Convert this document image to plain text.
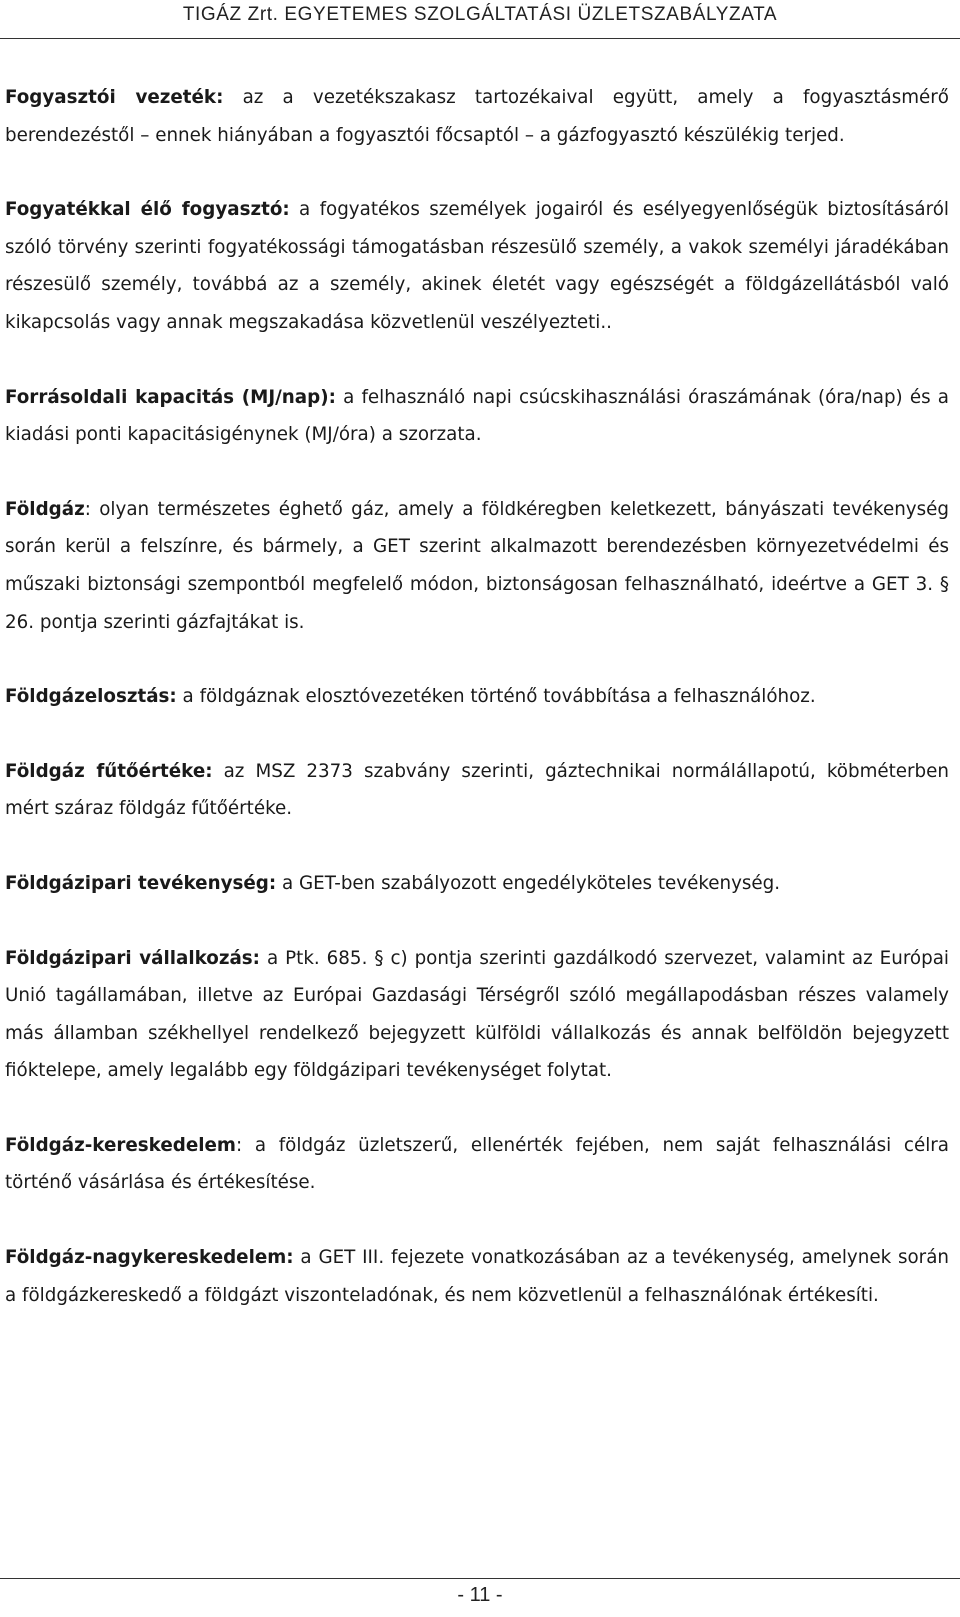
TIGÁZ Zrt. EGYETEMES SZOLGÁLTATÁSI ÜZLETSZABÁLYZATA

Fogyasztói vezeték: az a vezetékszakasz tartozékaival együtt, amely a fogyasztásmérő berendezéstől – ennek hiányában a fogyasztói főcsaptól – a gázfogyasztó készülékig terjed.

Fogyatékkal élő fogyasztó: a fogyatékos személyek jogairól és esélyegyenlőségük biztosításáról szóló törvény szerinti fogyatékossági támogatásban részesülő személy, a vakok személyi járadékában részesülő személy, továbbá az a személy, akinek életét vagy egészségét a földgázellátásból való kikapcsolás vagy annak megszakadása közvetlenül veszélyezteti..

Forrásoldali kapacitás (MJ/nap): a felhasználó napi csúcskihasználási óraszámának (óra/nap) és a kiadási ponti kapacitásigénynek (MJ/óra) a szorzata.

Földgáz: olyan természetes éghető gáz, amely a földkéregben keletkezett, bányászati tevékenység során kerül a felszínre, és bármely, a GET szerint alkalmazott berendezésben környezetvédelmi és műszaki biztonsági szempontból megfelelő módon, biztonságosan felhasználható, ideértve a GET 3. § 26. pontja szerinti gázfajtákat is.

Földgázelosztás: a földgáznak elosztóvezetéken történő továbbítása a felhasználóhoz.

Földgáz fűtőértéke: az MSZ 2373 szabvány szerinti, gáztechnikai normálállapotú, köbméterben mért száraz földgáz fűtőértéke.

Földgázipari tevékenység: a GET-ben szabályozott engedélyköteles tevékenység.

Földgázipari vállalkozás: a Ptk. 685. § c) pontja szerinti gazdálkodó szervezet, valamint az Európai Unió tagállamában, illetve az Európai Gazdasági Térségről szóló megállapodásban részes valamely más államban székhellyel rendelkező bejegyzett külföldi vállalkozás és annak belföldön bejegyzett fióktelepe, amely legalább egy földgázipari tevékenységet folytat.

Földgáz-kereskedelem: a földgáz üzletszerű, ellenérték fejében, nem saját felhasználási célra történő vásárlása és értékesítése.

Földgáz-nagykereskedelem: a GET III. fejezete vonatkozásában az a tevékenység, amelynek során a földgázkereskedő a földgázt viszonteladónak, és nem közvetlenül a felhasználónak értékesíti.

- 11 -
